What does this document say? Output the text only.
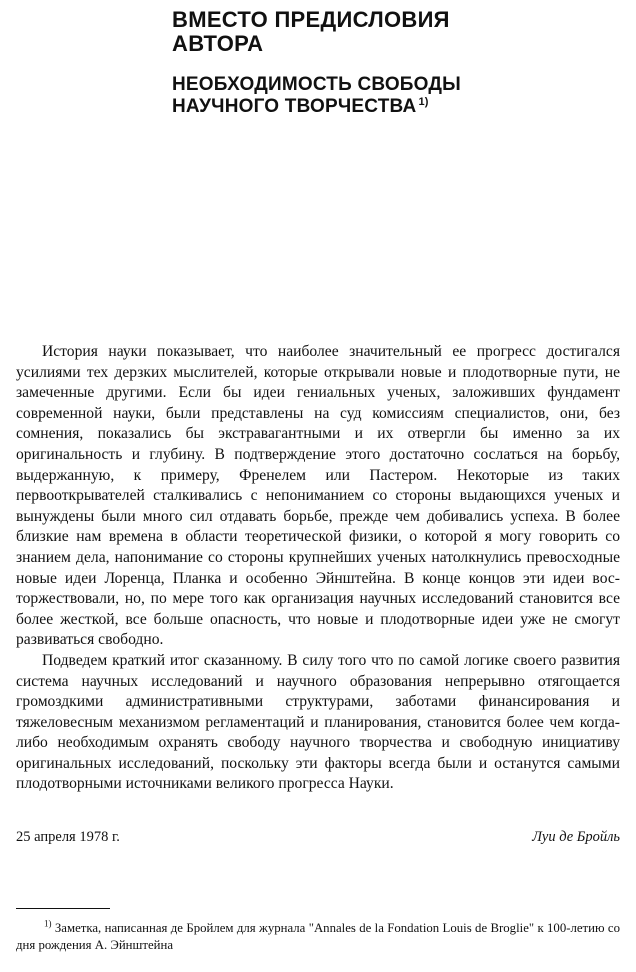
ВМЕСТО ПРЕДИСЛОВИЯ
АВТОРА
НЕОБХОДИМОСТЬ СВОБОДЫ
НАУЧНОГО ТВОРЧЕСТВА $^{1)}$

История науки показывает, что наиболее значительный ее прогресс достигался усилиями тех дерзких мыслителей, которые открывали новые и плодотворные пути, не замеченные другими. Если бы идеи гениальных ученых, заложивших фундамент современной науки, были представлены на суд комиссиям специалистов, они, без сомнения, показались бы экстравагантными и их отвергли бы именно за их оригинальность и глубину. В подтверждение этого достаточно сослаться на борьбу, выдержанную, к примеру, Френелем или Пастером. Некоторые из таких первооткрывателей сталкивались с непониманием со стороны выдающихся ученых и вынуждены были много сил отдавать борьбе, прежде чем добивались успеха. В более близкие нам времена в области теоретической физики, о которой я могу говорить со знанием дела, напонимание со стороны крупнейших ученых натолкнулись превосходные новые идеи Лоренца, Планка и особенно Эйнштейна. В конце концов эти идеи восторжествовали, но, по мере того как организация научных исследований становится все более жесткой, все больше опасность, что новые и плодотворные идеи уже не смогут развиваться свободно.

Подведем краткий итог сказанному. В силу того что по самой логике своего развития система научных исследований и научного образования непрерывно отягощается громоздкими административными структурами, заботами финансирования и тяжеловесным механизмом регламентаций и планирования, становится более чем когда-либо необходимым охранять свободу научного творчества и свободную инициативу оригинальных исследований, поскольку эти факторы всегда были и останутся самыми плодотворными источниками великого прогресса Науки.

25 апреля 1978 г.	Луи де Бройль

$^{1)}$ Заметка, написанная де Бройлем для журнала "Annales de la Fondation Louis de Broglie" к 100-летию со дня рождения А. Эйнштейна
